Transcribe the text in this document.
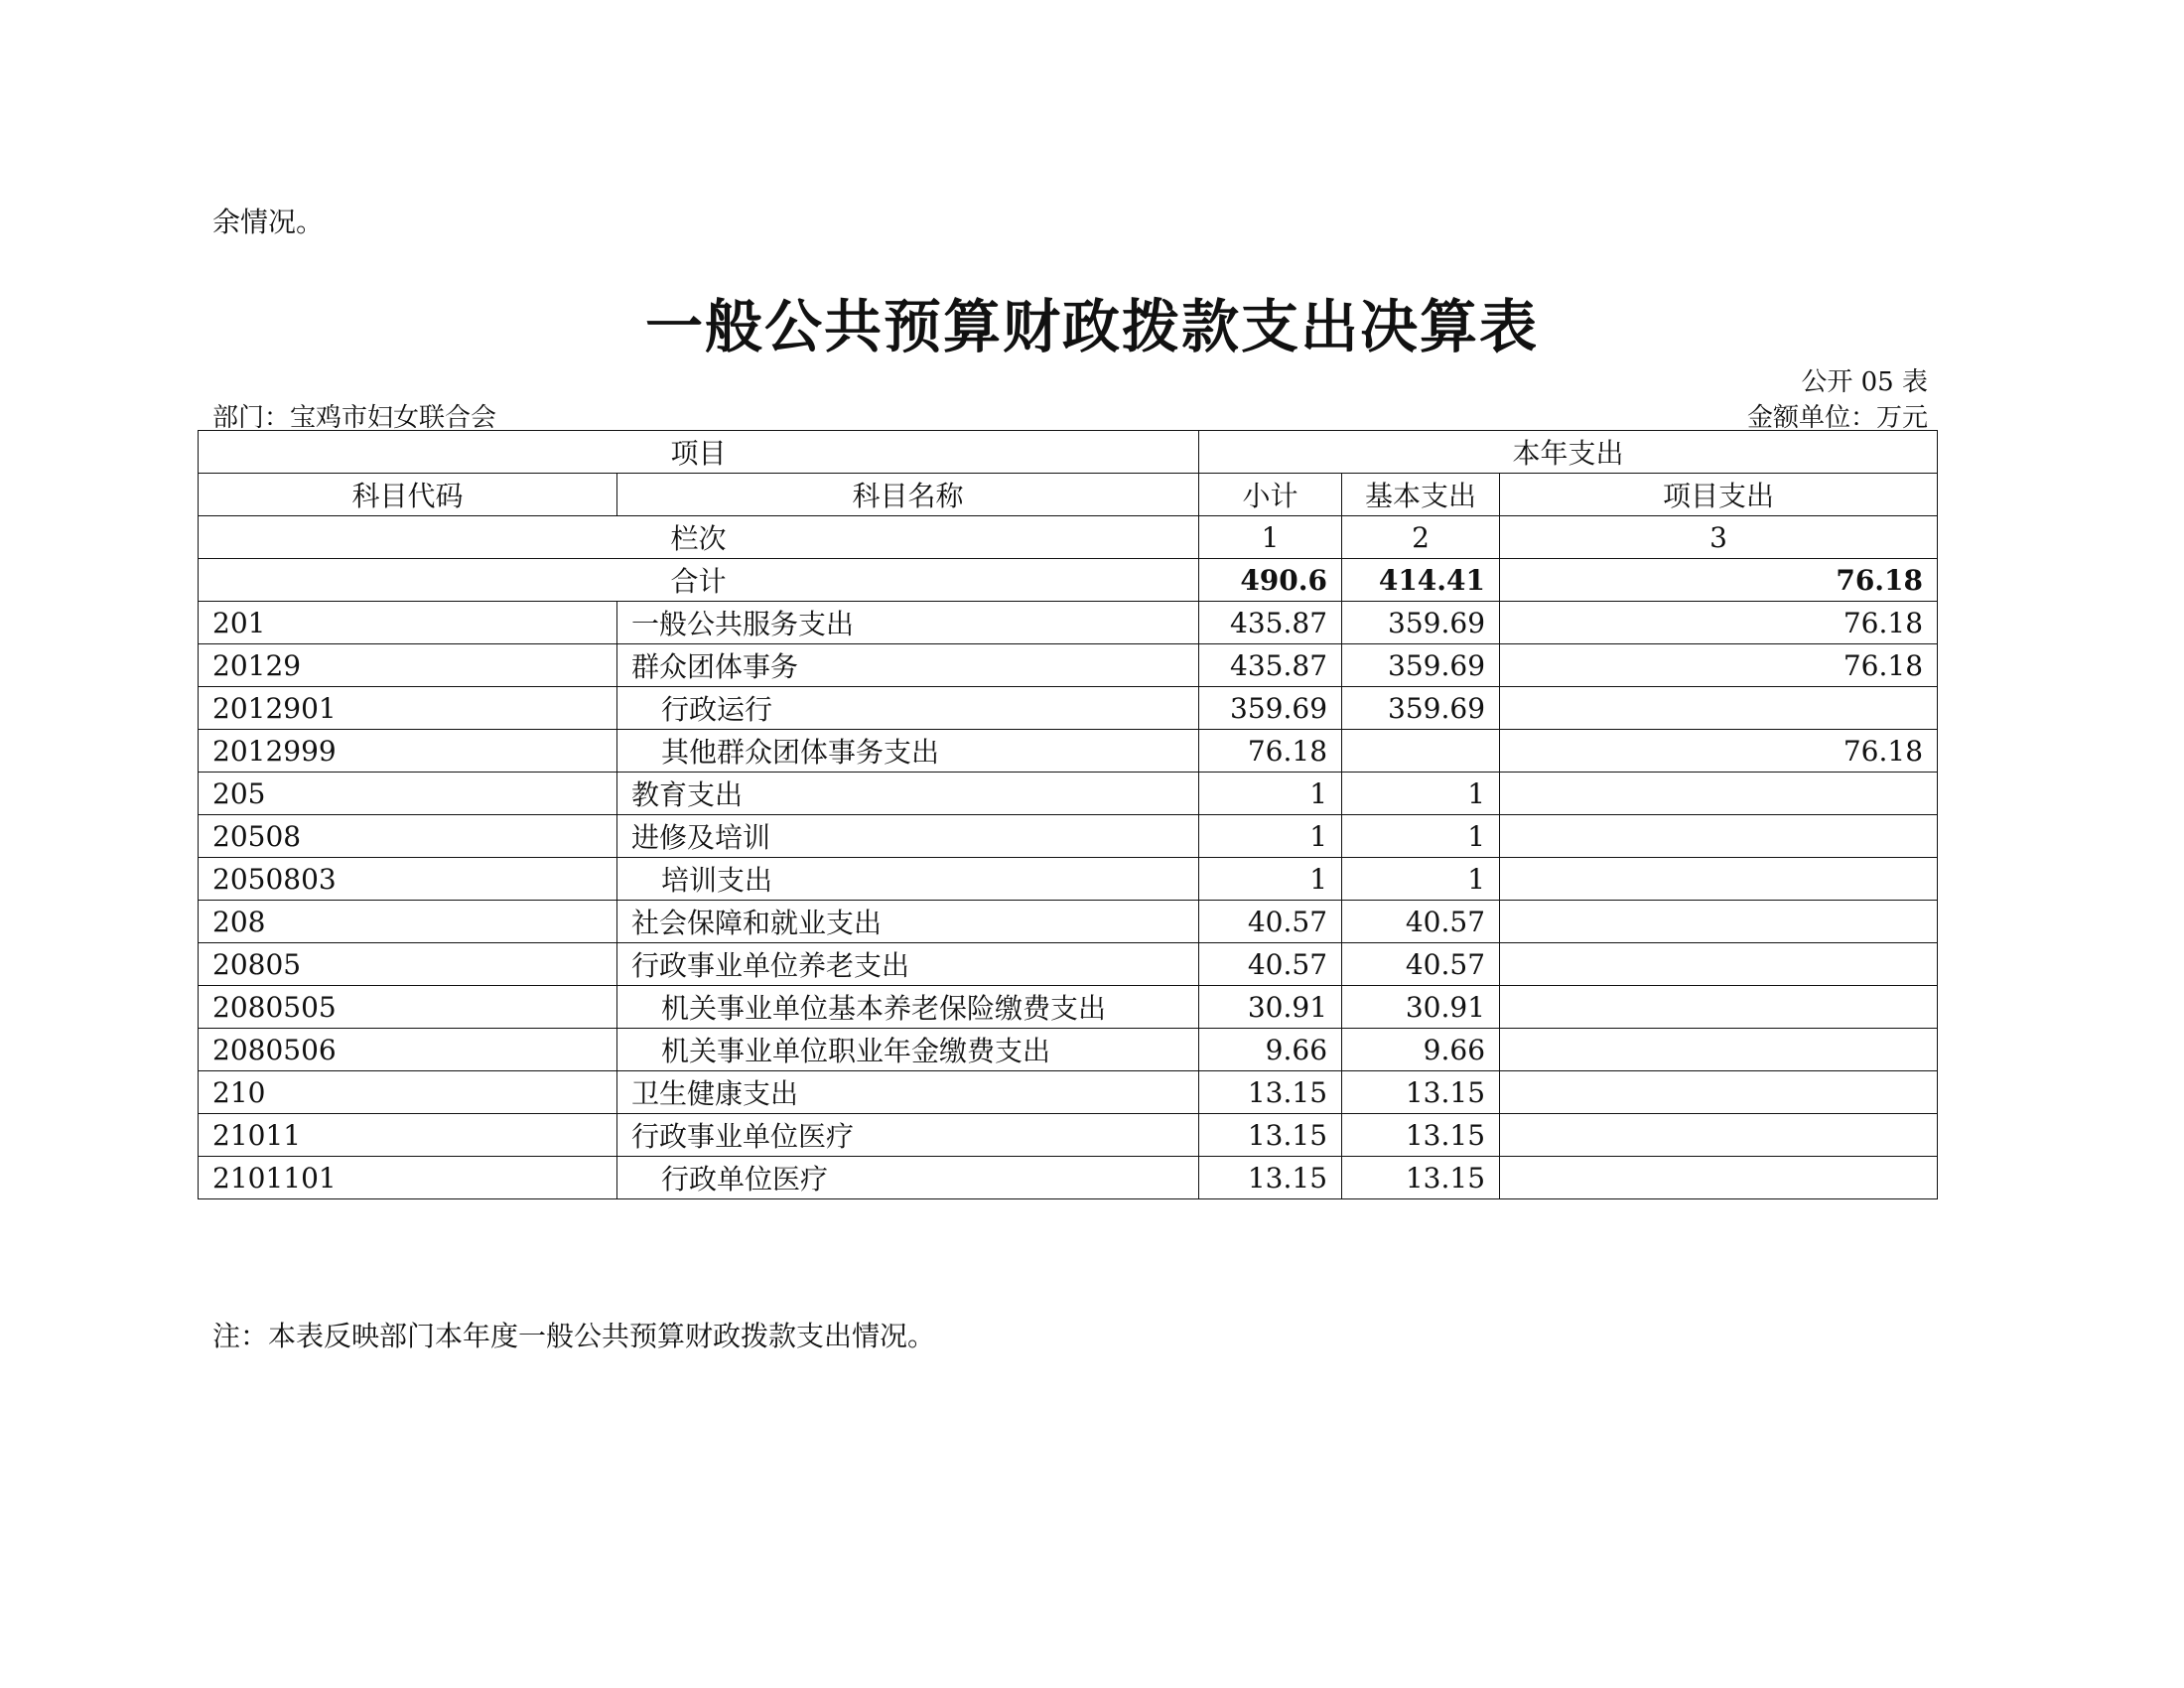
余情况。
一般公共预算财政拨款支出决算表
公开 05 表
部门：宝鸡市妇女联合会	金额单位：万元
项目		本年支出		
科目代码	科目名称	小计	基本支出	项目支出
栏次		1	2	3
合计		490.6	414.41	76.18
201	一般公共服务支出	435.87	359.69	76.18
20129	群众团体事务	435.87	359.69	76.18
2012901	行政运行	359.69	359.69	
2012999	其他群众团体事务支出	76.18		76.18
205	教育支出	1	1	
20508	进修及培训	1	1	
2050803	培训支出	1	1	
208	社会保障和就业支出	40.57	40.57	
20805	行政事业单位养老支出	40.57	40.57	
2080505	机关事业单位基本养老保险缴费支出	30.91	30.91	
2080506	机关事业单位职业年金缴费支出	9.66	9.66	
210	卫生健康支出	13.15	13.15	
21011	行政事业单位医疗	13.15	13.15	
2101101	行政单位医疗	13.15	13.15	
注：本表反映部门本年度一般公共预算财政拨款支出情况。
